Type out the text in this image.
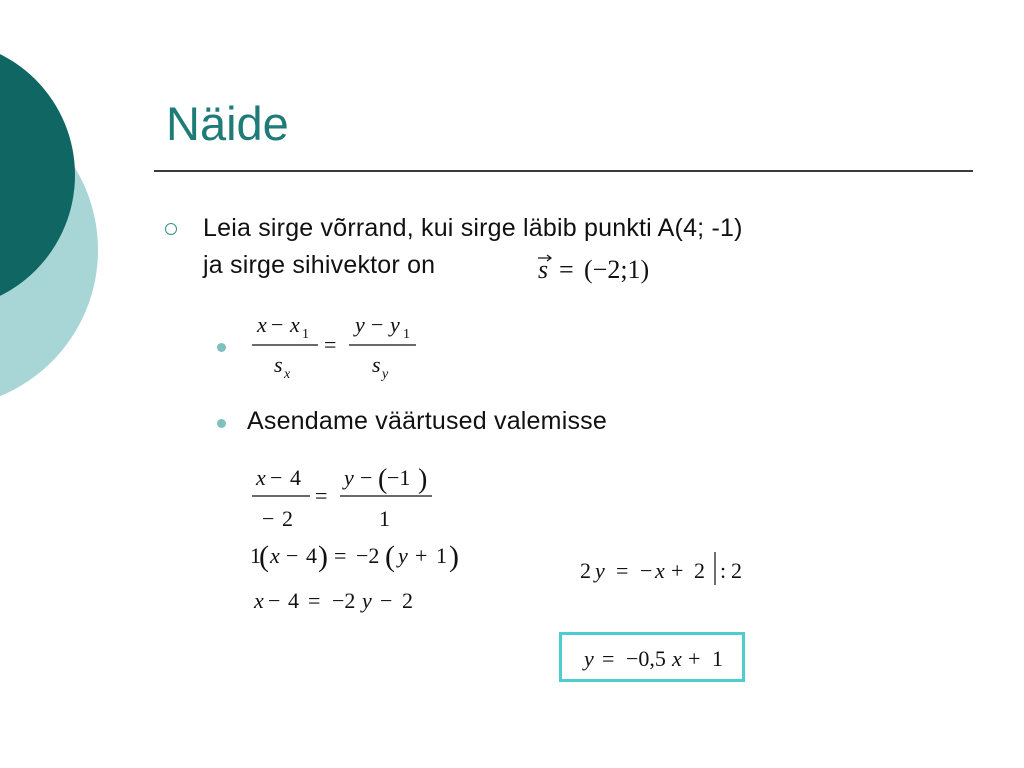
Näide
Leia sirge võrrand, kui sirge läbib punkti A(4; -1)
ja sirge sihivektor on
Asendame väärtused valemisse
s = (−2;1)
x − x 1
s x
=
y − y 1
s y
x − 4
− 2
=
y − ( −1 )
1
1
( x − 4 ) = −2 ( y + 1 )
x − 4 = −2 y − 2
2 y = − x + 2 : 2
y = −0,5 x + 1
